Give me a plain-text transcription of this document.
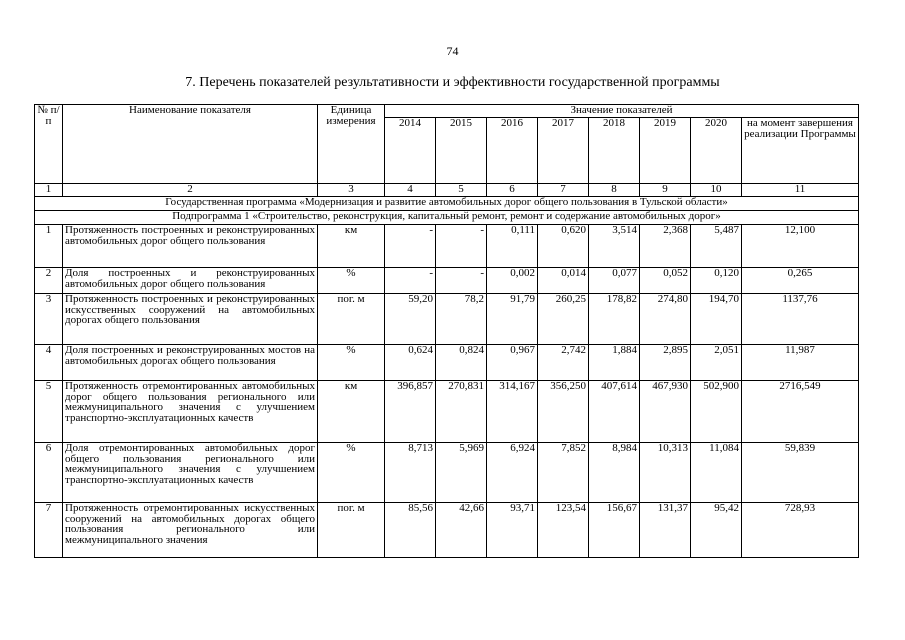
74
7. Перечень показателей результативности и эффективности государственной программы
№ п/п	Наименование показателя	Единица измерения	Значение показателей							
			2014	2015	2016	2017	2018	2019	2020	на момент завершения реализации Программы
1	2	3	4	5	6	7	8	9	10	11
Государственная программа «Модернизация и развитие автомобильных дорог общего пользования в Тульской области»										
Подпрограмма 1 «Строительство, реконструкция, капитальный ремонт, ремонт и содержание автомобильных дорог»										
1	Протяженность построенных и реконструированных автомобильных дорог общего пользования	км	-	-	0,111	0,620	3,514	2,368	5,487	12,100
2	Доля построенных и реконструированных автомобильных дорог общего пользования	%	-	-	0,002	0,014	0,077	0,052	0,120	0,265
3	Протяженность построенных и реконструированных искусственных сооружений на автомобильных дорогах общего пользования	пог. м	59,20	78,2	91,79	260,25	178,82	274,80	194,70	1137,76
4	Доля построенных и реконструированных мостов на автомобильных дорогах общего пользования	%	0,624	0,824	0,967	2,742	1,884	2,895	2,051	11,987
5	Протяженность отремонтированных автомобильных дорог общего пользования регионального или межмуниципального значения с улучшением транспортно-эксплуатационных качеств	км	396,857	270,831	314,167	356,250	407,614	467,930	502,900	2716,549
6	Доля отремонтированных автомобильных дорог общего пользования регионального или межмуниципального значения с улучшением транспортно-эксплуатационных качеств	%	8,713	5,969	6,924	7,852	8,984	10,313	11,084	59,839
7	Протяженность отремонтированных искусственных сооружений на автомобильных дорогах общего пользования регионального или межмуниципального значения	пог. м	85,56	42,66	93,71	123,54	156,67	131,37	95,42	728,93
